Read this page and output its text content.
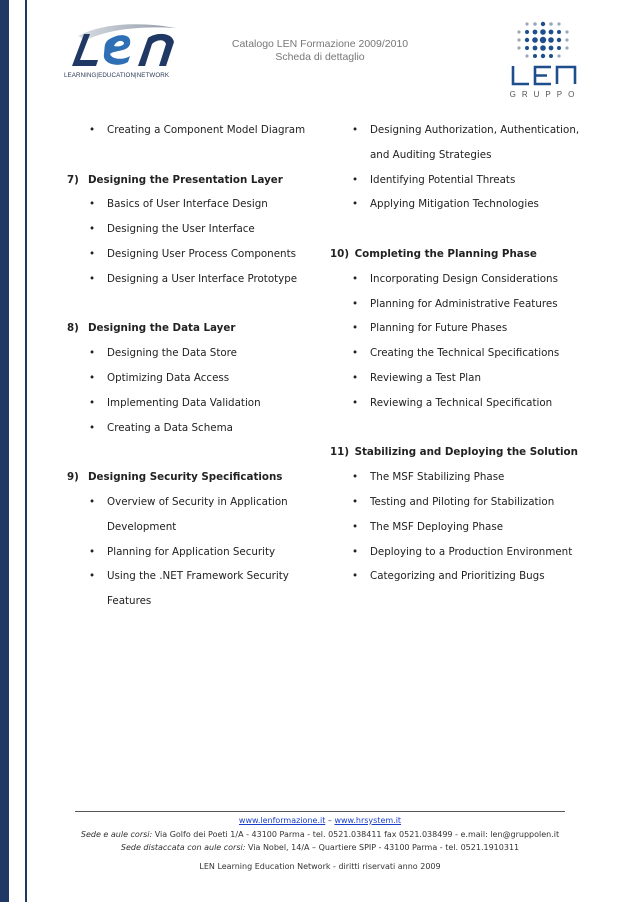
LEARNING|EDUCATION|NETWORK
Catalogo LEN Formazione 2009/2010
Scheda di dettaglio
GRUPPO
• Creating a Component Model Diagram
7) Designing the Presentation Layer
• Basics of User Interface Design
• Designing the User Interface
• Designing User Process Components
• Designing a User Interface Prototype
8) Designing the Data Layer
• Designing the Data Store
• Optimizing Data Access
• Implementing Data Validation
• Creating a Data Schema
9) Designing Security Specifications
• Overview of Security in Application
Development
• Planning for Application Security
• Using the .NET Framework Security
Features
• Designing Authorization, Authentication,
and Auditing Strategies
• Identifying Potential Threats
• Applying Mitigation Technologies
10) Completing the Planning Phase
• Incorporating Design Considerations
• Planning for Administrative Features
• Planning for Future Phases
• Creating the Technical Specifications
• Reviewing a Test Plan
• Reviewing a Technical Specification
11) Stabilizing and Deploying the Solution
• The MSF Stabilizing Phase
• Testing and Piloting for Stabilization
• The MSF Deploying Phase
• Deploying to a Production Environment
• Categorizing and Prioritizing Bugs
www.lenformazione.it – www.hrsystem.it
Sede e aule corsi: Via Golfo dei Poeti 1/A - 43100 Parma - tel. 0521.038411 fax 0521.038499 - e.mail: len@gruppolen.it
Sede distaccata con aule corsi: Via Nobel, 14/A – Quartiere SPIP - 43100 Parma - tel. 0521.1910311
LEN Learning Education Network - diritti riservati anno 2009
